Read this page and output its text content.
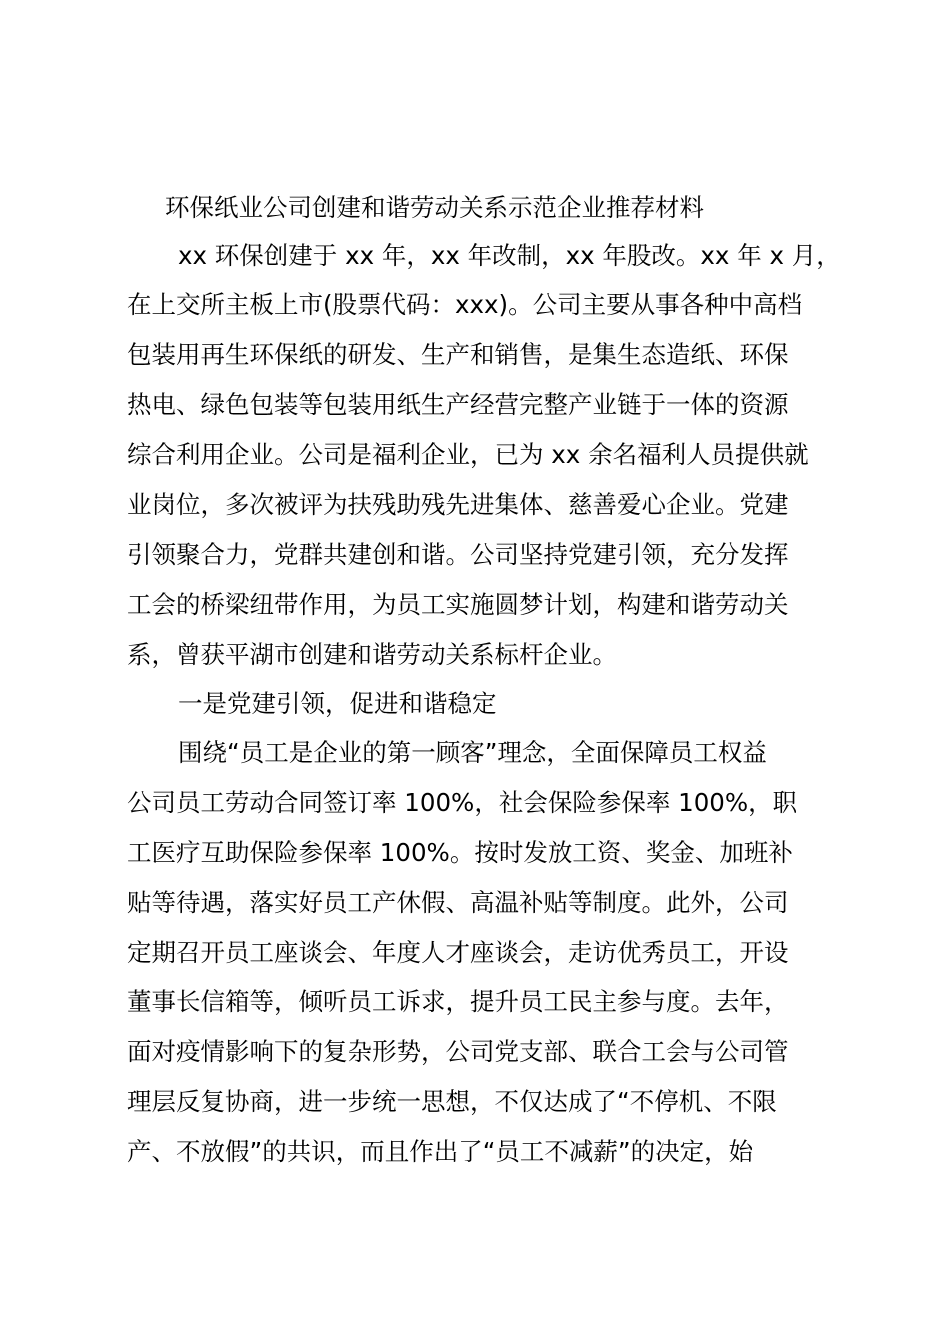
环保纸业公司创建和谐劳动关系示范企业推荐材料
xx 环保创建于 xx 年，xx 年改制，xx 年股改。xx 年 x 月，
在上交所主板上市(股票代码：xxx)。公司主要从事各种中高档
包装用再生环保纸的研发、生产和销售，是集生态造纸、环保
热电、绿色包装等包装用纸生产经营完整产业链于一体的资源
综合利用企业。公司是福利企业，已为 xx 余名福利人员提供就
业岗位，多次被评为扶残助残先进集体、慈善爱心企业。党建
引领聚合力，党群共建创和谐。公司坚持党建引领，充分发挥
工会的桥梁纽带作用，为员工实施圆梦计划，构建和谐劳动关
系，曾获平湖市创建和谐劳动关系标杆企业。
一是党建引领，促进和谐稳定
围绕“员工是企业的第一顾客”理念，全面保障员工权益
公司员工劳动合同签订率 100%，社会保险参保率 100%，职
工医疗互助保险参保率 100%。按时发放工资、奖金、加班补
贴等待遇，落实好员工产休假、高温补贴等制度。此外，公司
定期召开员工座谈会、年度人才座谈会，走访优秀员工，开设
董事长信箱等，倾听员工诉求，提升员工民主参与度。去年，
面对疫情影响下的复杂形势，公司党支部、联合工会与公司管
理层反复协商，进一步统一思想，不仅达成了“不停机、不限
产、不放假”的共识，而且作出了“员工不减薪”的决定，始
